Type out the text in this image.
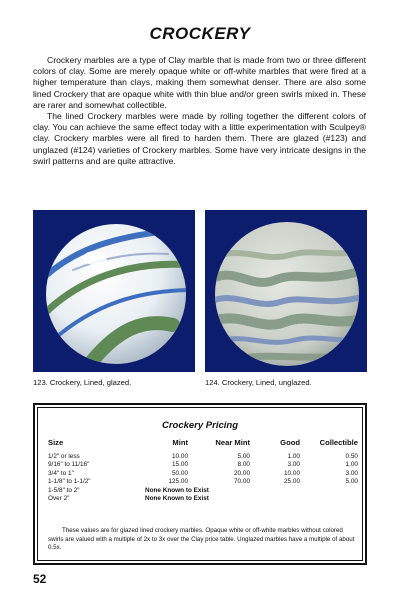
CROCKERY

Crockery marbles are a type of Clay marble that is made from two or three different colors of clay. Some are merely opaque white or off-white marbles that were fired at a higher temperature than clays, making them somewhat denser. There are also some lined Crockery that are opaque white with thin blue and/or green swirls mixed in. These are rarer and somewhat collectible.

The lined Crockery marbles were made by rolling together the different colors of clay. You can achieve the same effect today with a little experimentation with Sculpey® clay. Crockery marbles were all fired to harden them. There are glazed (#123) and unglazed (#124) varieties of Crockery marbles. Some have very intricate designs in the swirl patterns and are quite attractive.

123. Crockery, Lined, glazed.	124. Crockery, Lined, unglazed.
Crockery Pricing
Size	Mint	Near Mint	Good	Collectible
1/2" or less	10.00	5.00	1.00	0.50
9/16" to 11/16"	15.00	8.00	3.00	1.00
3/4" to 1"	50.00	20.00	10.00	3.00
1-1/8" to 1-1/2"	125.00	70.00	25.00	5.00
1-5/8" to 2"	None Known to Exist			
Over 2"	None Known to Exist			
These values are for glazed lined crockery marbles. Opaque white or off-white marbles without colored swirls are valued with a multiple of 2x to 3x over the Clay price table. Unglazed marbles have a multiple of about 0.5x.
52
